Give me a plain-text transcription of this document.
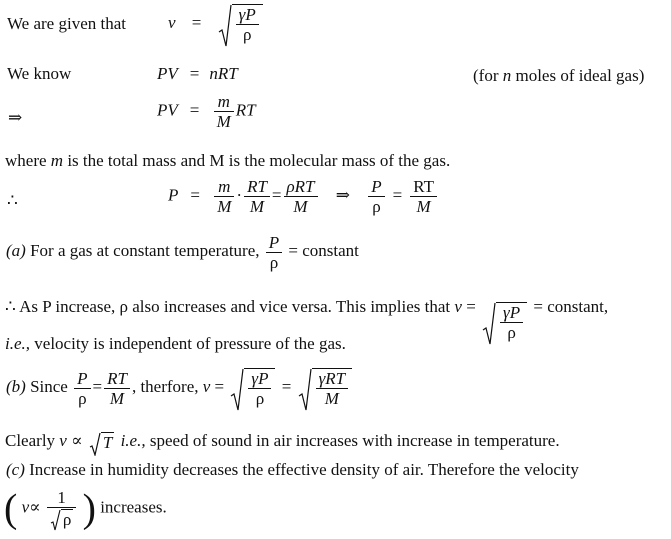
We are given that $v = \frac{\gamma P}{\rho}$
We know	PV = nRT	(for n moles of ideal gas)
⇒	PV = $\frac{m}{M}$ RT
where m is the total mass and M is the molecular mass of the gas.
∴	$P = \frac{m}{M} \cdot \frac{RT}{M} = \rho RT$
M
⇒ $\frac{P}{\rho} = \frac{RT}{M}$
(a) For a gas at constant temperature, $\frac{P}{\rho}$ = constant
∴ As P increase, ρ also increases and vice versa. This implies that $v = \frac{\gamma P}{\rho}$ = constant,
i.e., velocity is independent of pressure of the gas.
(b) Since $\frac{P}{\rho} = \frac{RT}{M}$ , therfore, $v = \frac{\gamma P}{\rho} = \gamma RT$
M
Clearly v ∝
T i.e., speed of sound in air increases with increase in temperature.
(c) Increase in humidity decreases the effective density of air. Therefore the velocity
( $v\propto \frac{1}{\rho}$ ) increases.
